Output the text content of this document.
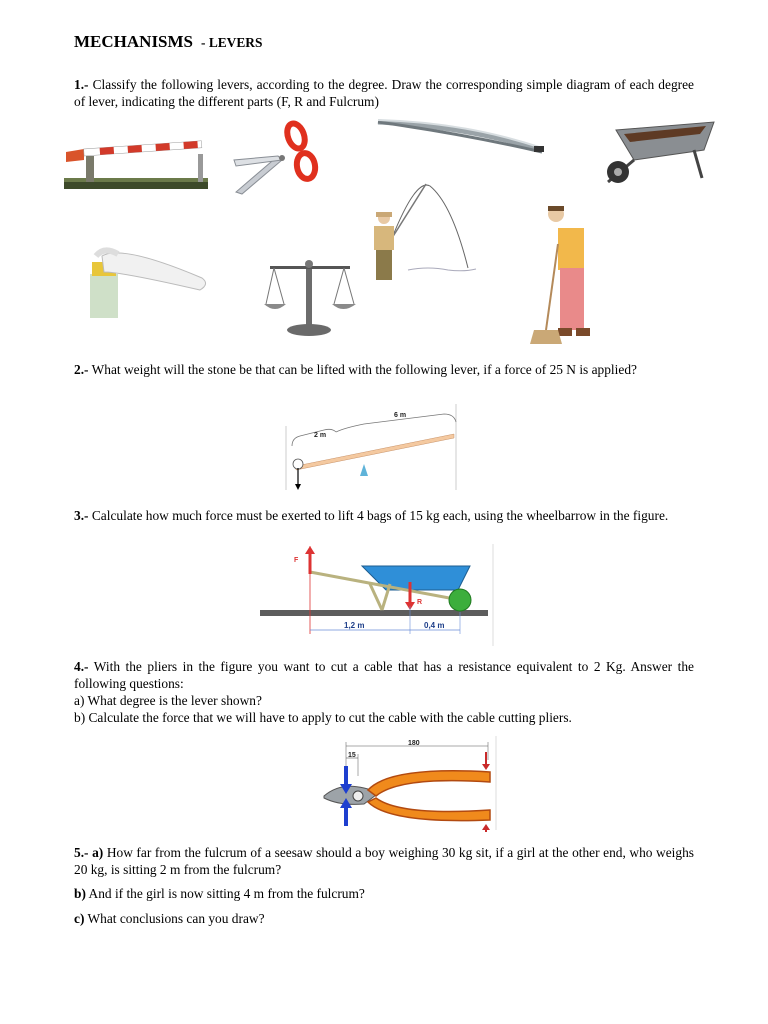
MECHANISMS - LEVERS
1.- Classify the following levers, according to the degree. Draw the corresponding simple diagram of each degree of lever, indicating the different parts (F, R and Fulcrum)
2.- What weight will the stone be that can be lifted with the following lever, if a force of 25 N is applied?
6 m
2 m
3.- Calculate how much force must be exerted to lift 4 bags of 15 kg each, using the wheelbarrow in the figure.
F
R
1,2 m	0,4 m
4.- With the pliers in the figure you want to cut a cable that has a resistance equivalent to 2 Kg. Answer the following questions:
a) What degree is the lever shown?
b) Calculate the force that we will have to apply to cut the cable with the cable cutting pliers.
180
15
5.- a) How far from the fulcrum of a seesaw should a boy weighing 30 kg sit, if a girl at the other end, who weighs 20 kg, is sitting 2 m from the fulcrum?
b) And if the girl is now sitting 4 m from the fulcrum?
c) What conclusions can you draw?
